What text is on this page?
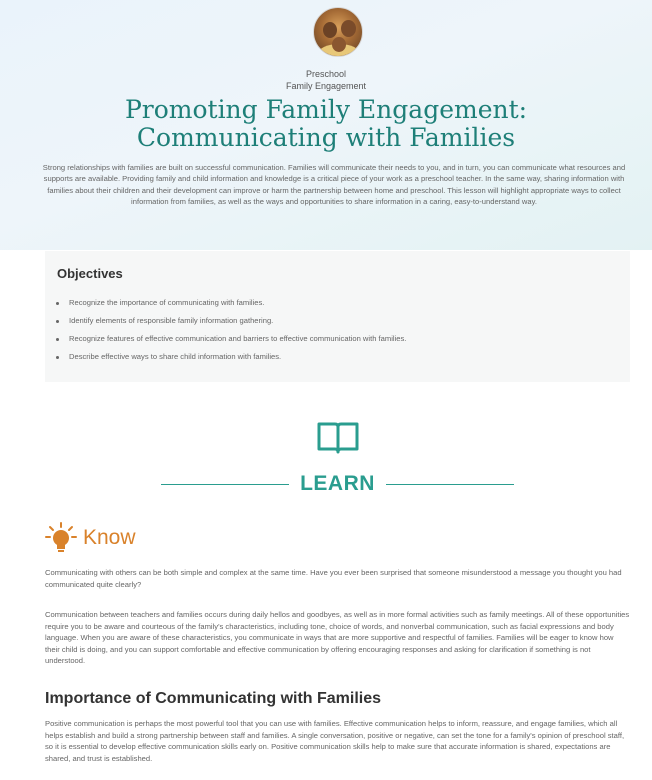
Preschool
Family Engagement
Promoting Family Engagement:
Communicating with Families

Strong relationships with families are built on successful communication. Families will communicate their needs to you, and in turn, you can communicate what resources and supports are available. Providing family and child information and knowledge is a critical piece of your work as a preschool teacher. In the same way, sharing information with families about their children and their development can improve or harm the partnership between home and preschool. This lesson will highlight appropriate ways to collect information from families, as well as the ways and opportunities to share information in a caring, easy-to-understand way.

Objectives
Recognize the importance of communicating with families.
Identify elements of responsible family information gathering.
Recognize features of effective communication and barriers to effective communication with families.
Describe effective ways to share child information with families.
LEARN
Know

Communicating with others can be both simple and complex at the same time. Have you ever been surprised that someone misunderstood a message you thought you had communicated quite clearly?

Communication between teachers and families occurs during daily hellos and goodbyes, as well as in more formal activities such as family meetings. All of these opportunities require you to be aware and courteous of the family's characteristics, including tone, choice of words, and nonverbal communication, such as facial expressions and body language. When you are aware of these characteristics, you communicate in ways that are more supportive and respectful of families. Families will be eager to know how their child is doing, and you can support comfortable and effective communication by offering encouraging responses and asking for clarification if something is not understood.

Importance of Communicating with Families

Positive communication is perhaps the most powerful tool that you can use with families. Effective communication helps to inform, reassure, and engage families, which all helps establish and build a strong partnership between staff and families. A single conversation, positive or negative, can set the tone for a family's opinion of preschool staff, so it is essential to develop effective communication skills early on. Positive communication skills help to make sure that accurate information is shared, expectations are shared, and trust is established.
